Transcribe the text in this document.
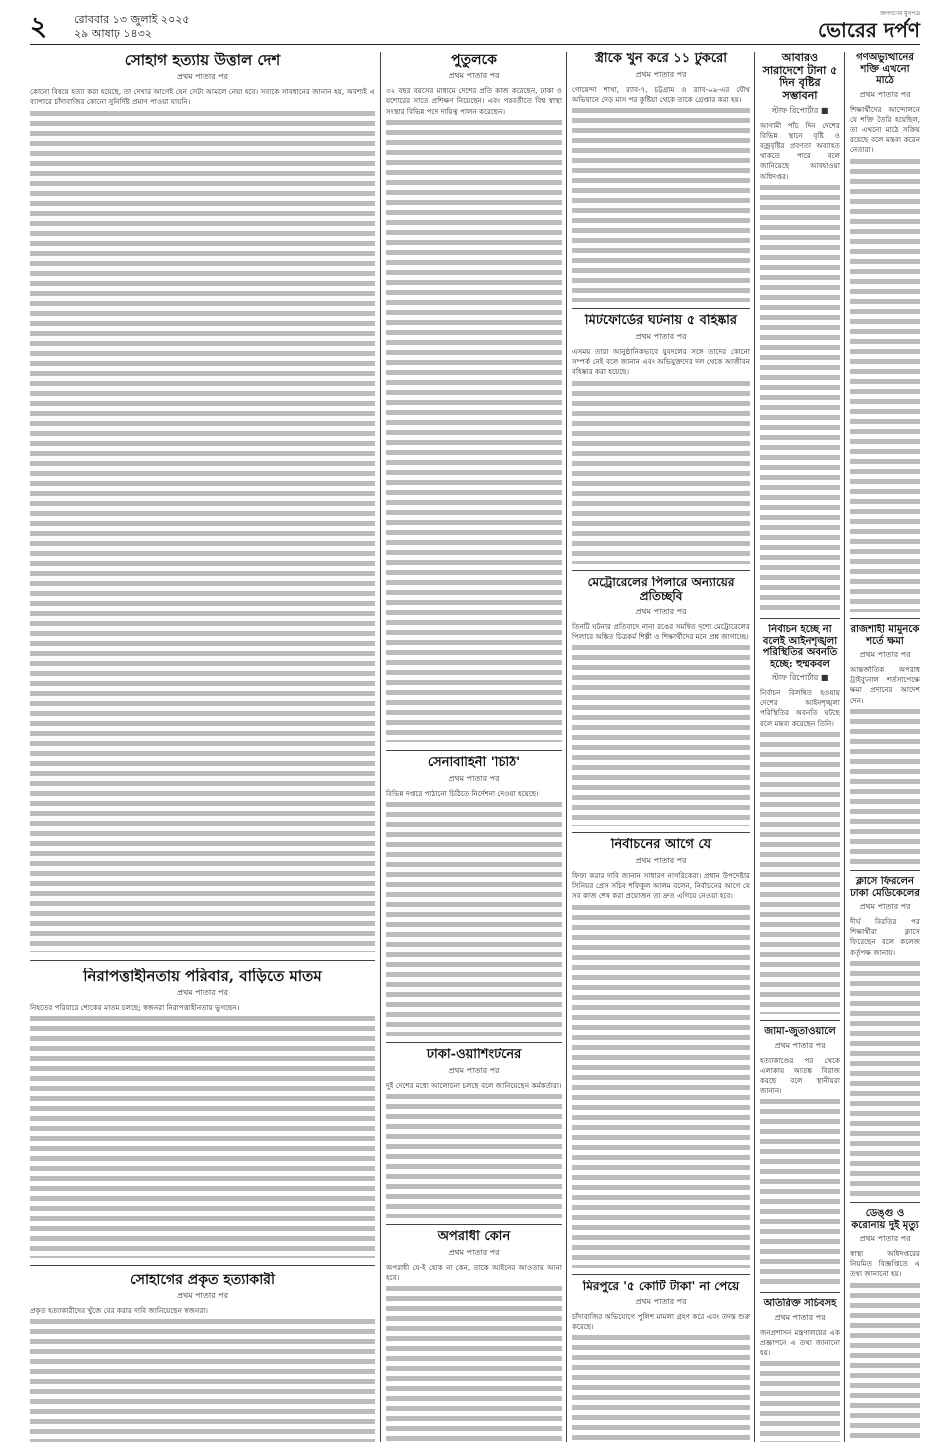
২ রোববার ১৩ জুলাই ২০২৫
২৯ আষাঢ় ১৪৩২
জনগণের মুখপত্র
ভোরের দর্পণ
সোহাগ হত্যায় উত্তাল দেশ
প্রথম পাতার পর
কোনো বিষয়ে হত্যা করা হয়েছে, তা দেখার আগেই যেন সেটা আমলে নেয়া হবে। সবাকে সাবধানের জানান হয়, অবশ্যই এ ব্যাপারে চাঁদাবাজির কোনো সুনির্দিষ্ট প্রমাণ পাওয়া যায়নি।
নিরাপত্তাহীনতায় পরিবার, বাড়িতে মাতম
প্রথম পাতার পর
নিহতের পরিবারে শোকের মাতম চলছে; স্বজনরা নিরাপত্তাহীনতায় ভুগছেন।
সোহাগের প্রকৃত হত্যাকারী
প্রথম পাতার পর
প্রকৃত হত্যাকারীদের খুঁজে বের করার দাবি জানিয়েছেন স্বজনরা।
পুতুলকে
প্রথম পাতার পর
৩২ বছর বয়সের মাধ্যমে দেশের প্রতি কাজ করেছেন, ঢাকা ও যশোরের সাতে প্রশিক্ষণ নিয়েছেন। এবং পরবর্তীতে বিশ্ব স্বাস্থ্য সংস্থার বিভিন্ন পদে দায়িত্ব পালন করেছেন।
সেনাবাহিনী 'চিঠি'
প্রথম পাতার পর
বিভিন্ন দপ্তরে পাঠানো চিঠিতে নির্দেশনা দেওয়া হয়েছে।
ঢাকা-ওয়াশিংটনের
প্রথম পাতার পর
দুই দেশের মধ্যে আলোচনা চলছে বলে জানিয়েছেন কর্মকর্তারা।
অপরাধী কোন
প্রথম পাতার পর
অপরাধী যে-ই হোক না কেন, তাকে আইনের আওতায় আনা হবে।
স্ত্রীকে খুন করে ১১ টুকরো
প্রথম পাতার পর
গোয়েন্দা শাখা, র‌্যাব-৭, চট্টগ্রাম ও র‌্যাব-০৯-এর যৌথ অভিযানে দেড় মাস পর কুষ্টিয়া থেকে তাকে গ্রেপ্তার করা হয়।
মিটফোর্ডের ঘটনায় ৫ বহিষ্কার
প্রথম পাতার পর
এসময় তারা আনুষ্ঠানিকভাবে যুবদলের সঙ্গে তাদের কোনো সম্পর্ক নেই বলে জানান এবং অভিযুক্তদের দল থেকে আজীবন বহিষ্কার করা হয়েছে।
মেট্রোরেলের পিলারে অন্যায়ের প্রতিচ্ছবি
প্রথম পাতার পর
তিনটি ঘটনার প্রতিবাদে নানা রঙের সমন্বিত দৃশ্যে মেট্রোরেলের পিলারে অঙ্কিত চিত্রকর্ম শিল্পী ও শিক্ষার্থীদের মনে প্রশ্ন জাগাচ্ছে।
নির্বাচনের আগে যে
প্রথম পাতার পর
ফিফা করার দাবি জানান সাধারণ নাগরিকেরা। প্রধান উপদেষ্টার সিনিয়র প্রেস সচিব শফিকুল আলম বলেন, নির্বাচনের আগে যে সব কাজ শেষ করা প্রয়োজন তা দ্রুত এগিয়ে নেওয়া হবে।
মিরপুরে '৫ কোটি টাকা' না পেয়ে
প্রথম পাতার পর
চাঁদাবাজির অভিযোগে পুলিশ মামলা গ্রহণ করে এবং তদন্ত শুরু করেছে।
আবারও সারাদেশে টানা ৫ দিন বৃষ্টির সম্ভাবনা
স্টাফ রিপোর্টার ■
আগামী পাঁচ দিন দেশের বিভিন্ন স্থানে বৃষ্টি ও বজ্রবৃষ্টির প্রবণতা অব্যাহত থাকতে পারে বলে জানিয়েছে আবহাওয়া অধিদপ্তর।
নির্বাচন হচ্ছে না বলেই আইনশৃঙ্খলা পরিস্থিতির অবনতি হচ্ছে: হুম্মকবল
স্টাফ রিপোর্টার ■
নির্বাচন বিলম্বিত হওয়ায় দেশের আইনশৃঙ্খলা পরিস্থিতির অবনতি ঘটছে বলে মন্তব্য করেছেন তিনি।
জামা-জুতাওয়ালে
প্রথম পাতার পর
হত্যাকাণ্ডের পর থেকে এলাকায় আতঙ্ক বিরাজ করছে বলে স্থানীয়রা জানান।
অতিরিক্ত সচিবসহ
প্রথম পাতার পর
জনপ্রশাসন মন্ত্রণালয়ের এক প্রজ্ঞাপনে এ তথ্য জানানো হয়।
গণঅভ্যুত্থানের শক্তি এখনো মাঠে
প্রথম পাতার পর
শিক্ষার্থীদের আন্দোলনে যে শক্তি তৈরি হয়েছিল, তা এখনো মাঠে সক্রিয় রয়েছে বলে মন্তব্য করেন নেতারা।
রাজশাহী মামুনকে শর্তে ক্ষমা
প্রথম পাতার পর
আন্তর্জাতিক অপরাধ ট্রাইব্যুনাল শর্তসাপেক্ষে ক্ষমা প্রদানের আদেশ দেন।
ক্লাসে ফিরলেন ঢাকা মেডিকেলের
প্রথম পাতার পর
দীর্ঘ বিরতির পর শিক্ষার্থীরা ক্লাসে ফিরেছেন বলে কলেজ কর্তৃপক্ষ জানায়।
ডেঙ্গু ও করোনায় দুই মৃত্যু
প্রথম পাতার পর
স্বাস্থ্য অধিদপ্তরের নিয়মিত বিজ্ঞপ্তিতে এ তথ্য জানানো হয়।
